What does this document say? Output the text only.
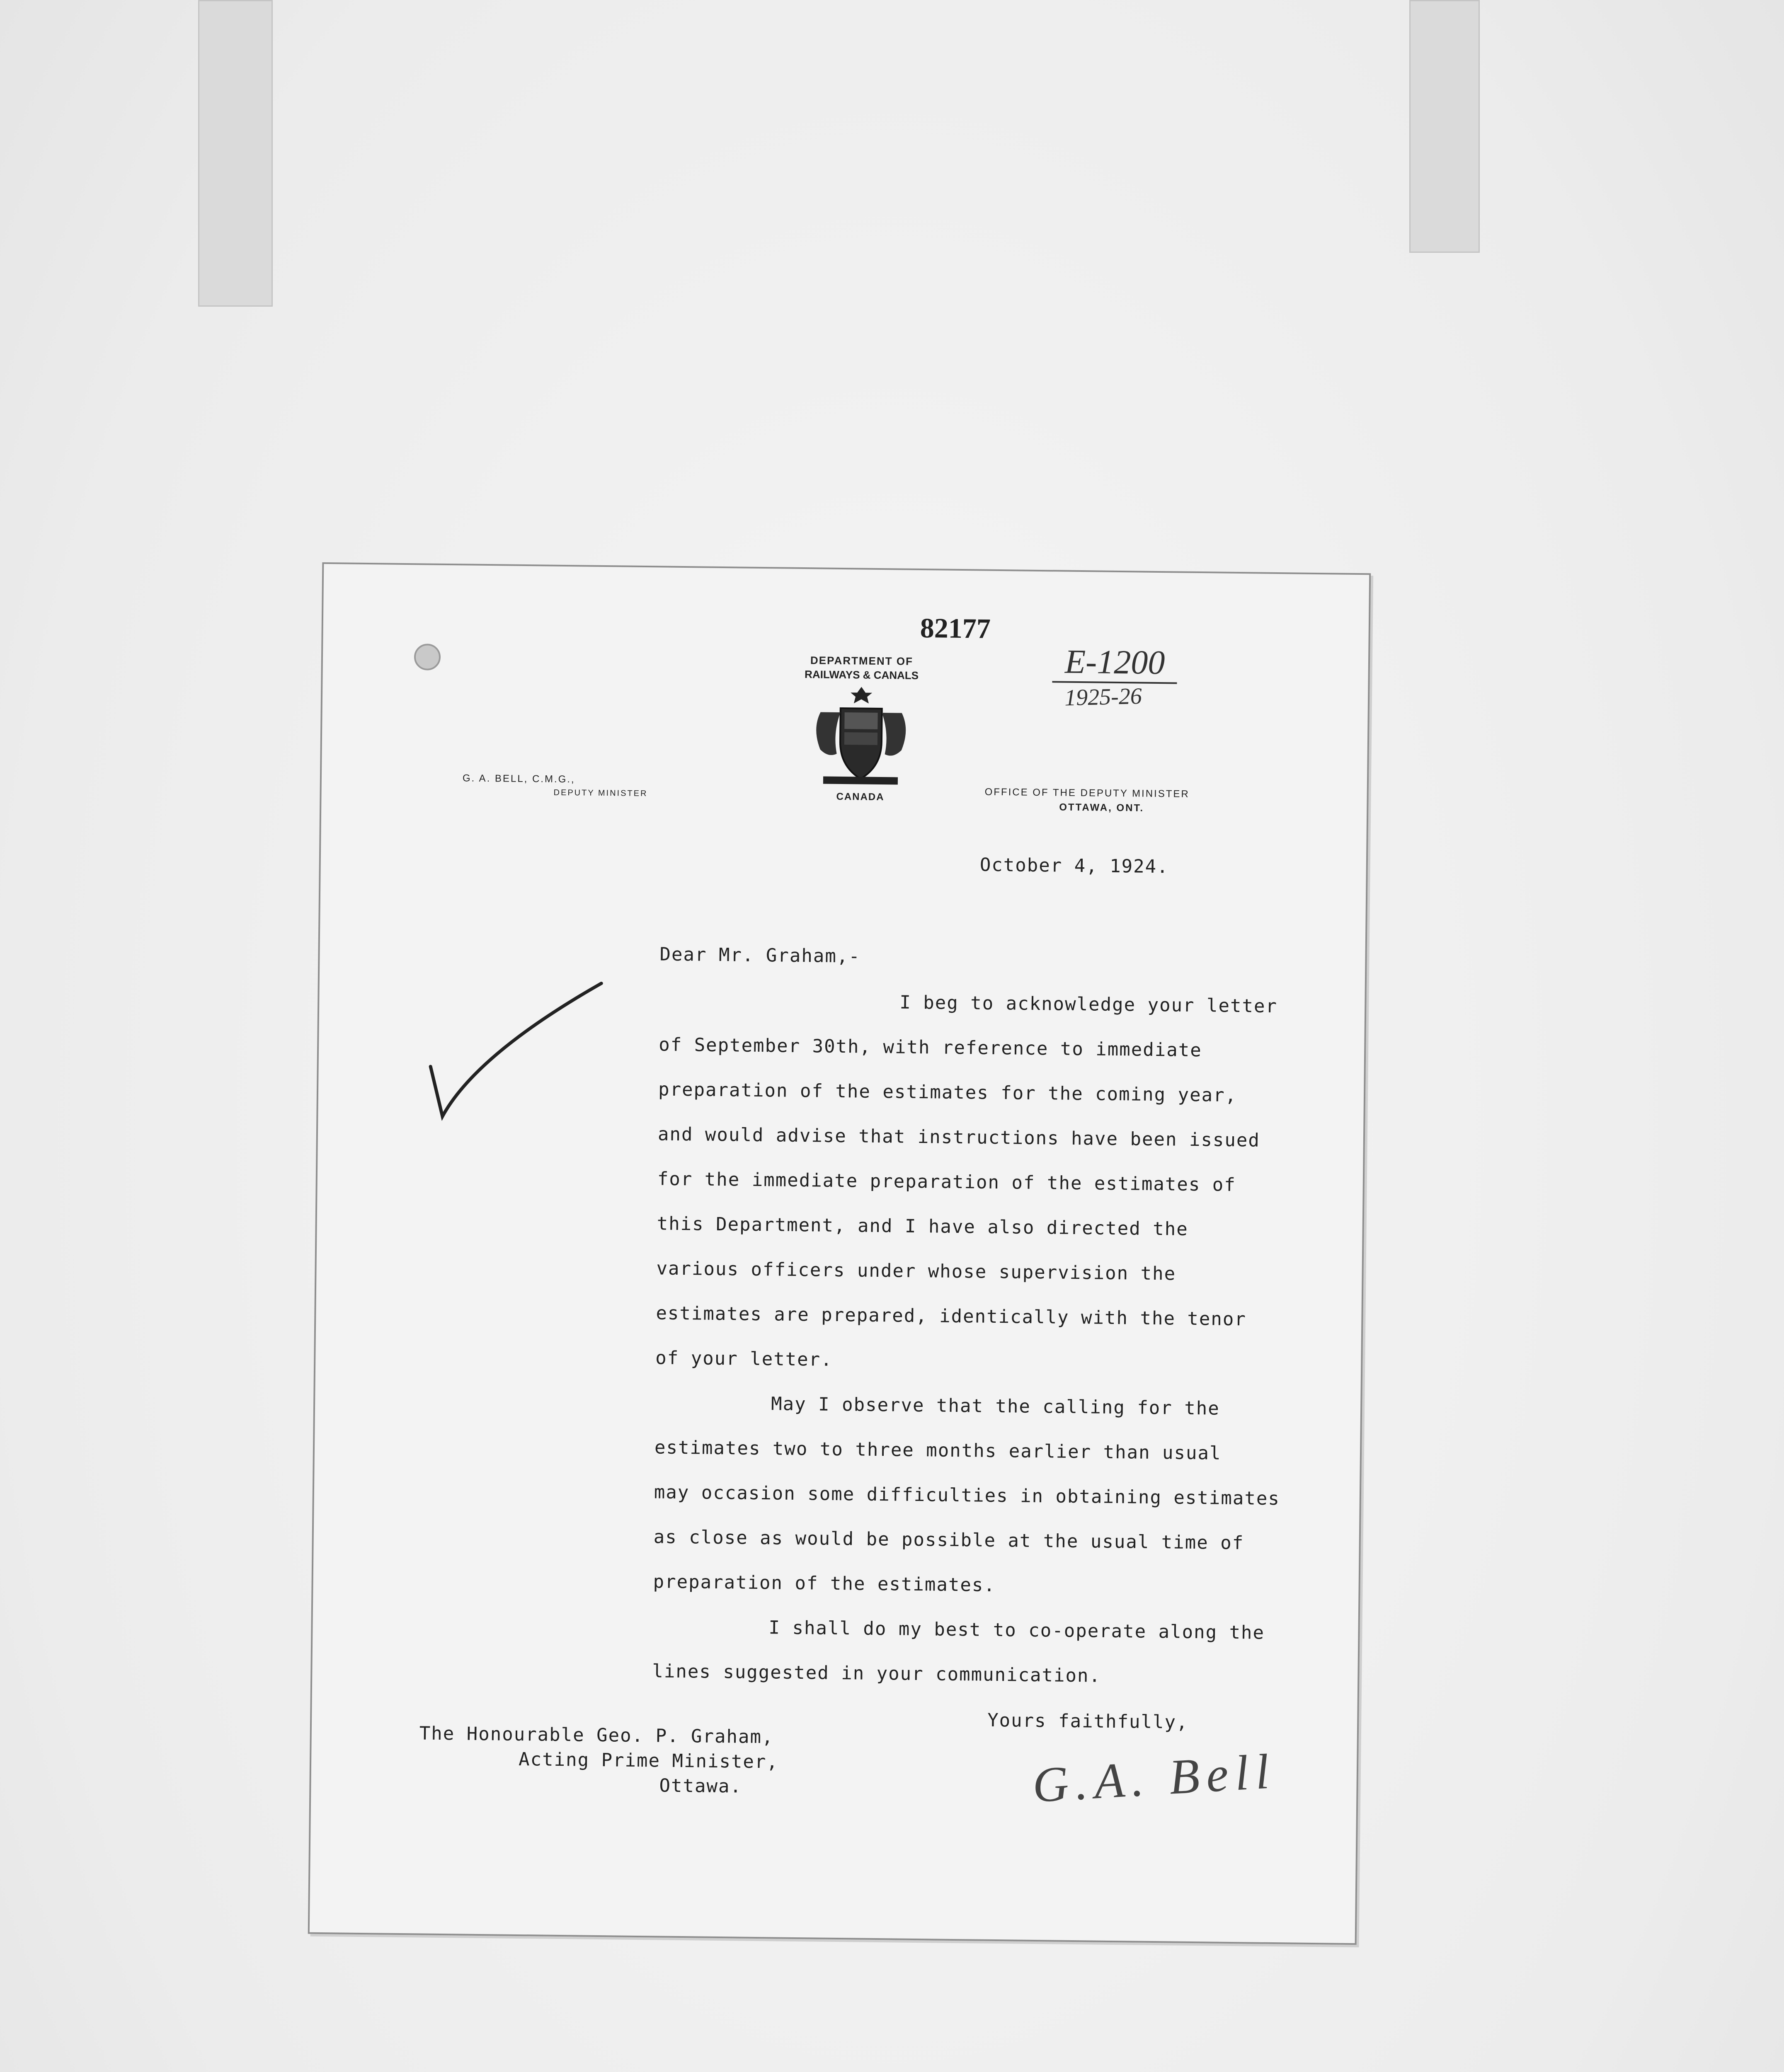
82177
E-1200
1925-26
DEPARTMENT OF
RAILWAYS & CANALS
CANADA
G. A. BELL, C.M.G.,
DEPUTY MINISTER	OFFICE OF THE DEPUTY MINISTER
OTTAWA, ONT.
October 4, 1924.
Dear Mr. Graham,-
I beg to acknowledge your letter
of September 30th, with reference to immediate
preparation of the estimates for the coming year,
and would advise that instructions have been issued
for the immediate preparation of the estimates of
this Department, and I have also directed the
various officers under whose supervision the
estimates are prepared, identically with the tenor
of your letter.
May I observe that the calling for the
estimates two to three months earlier than usual
may occasion some difficulties in obtaining estimates
as close as would be possible at the usual time of
preparation of the estimates.
I shall do my best to co-operate along the
lines suggested in your communication.
Yours faithfully,
The Honourable Geo. P. Graham,
Acting Prime Minister,
Ottawa.	G.A. Bell
